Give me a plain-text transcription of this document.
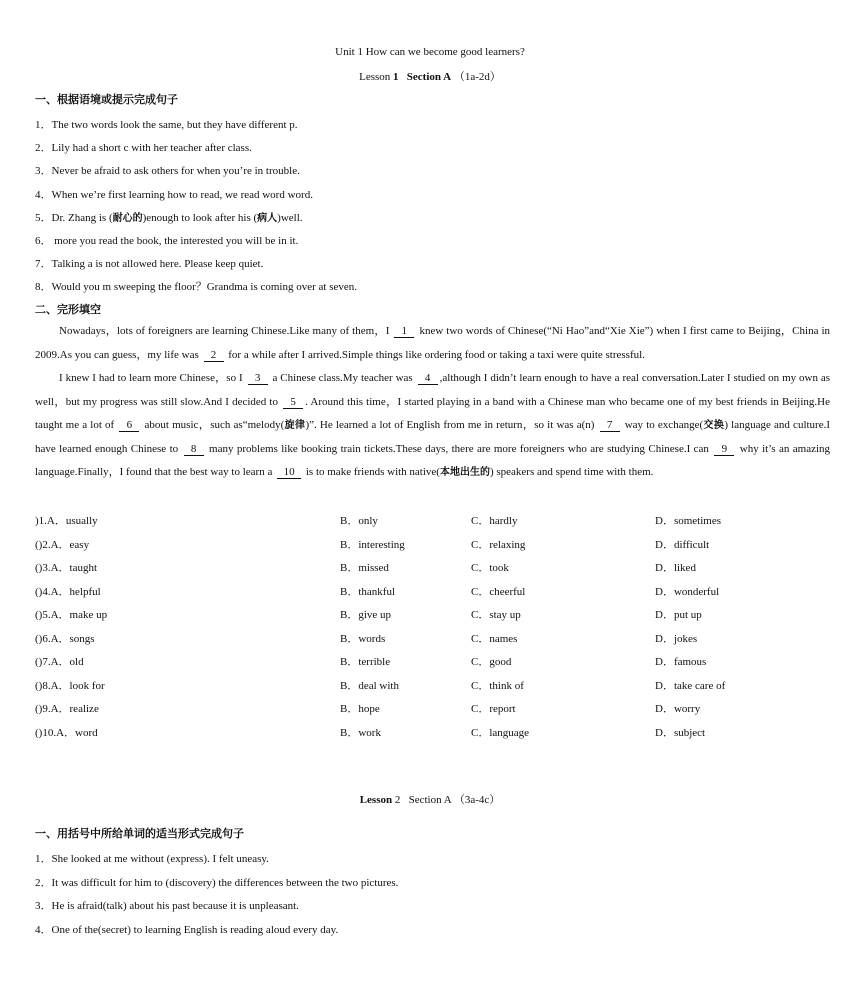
Unit 1 How can we become good learners?
Lesson 1 Section A （1a-2d）
一、根据语境或提示完成句子
1．The two words look the same, but they have different p.
2．Lily had a short c with her teacher after class.
3．Never be afraid to ask others for when you’re in trouble.
4．When we’re first learning how to read, we read word word.
5．Dr. Zhang is (耐心的)enough to look after his (病人)well.
6． more you read the book, the interested you will be in it.
7．Talking a is not allowed here. Please keep quiet.
8．Would you m sweeping the floor？Grandma is coming over at seven.
二、完形填空
Nowadays，lots of foreigners are learning Chinese.Like many of them，I 1 knew two words of Chinese(“Ni Hao”and“Xie Xie”) when I first came to Beijing，China in 2009.As you can guess，my life was 2 for a while after I arrived.Simple things like ordering food or taking a taxi were quite stressful.
I knew I had to learn more Chinese，so I 3 a Chinese class.My teacher was 4 ,although I didn’t learn enough to have a real conversation.Later I studied on my own as well，but my progress was still slow.And I decided to 5 . Around this time，I started playing in a band with a Chinese man who became one of my best friends in Beijing.He taught me a lot of 6 about music，such as“melody(旋律)”. He learned a lot of English from me in return，so it was a(n) 7 way to exchange(交换) language and culture.I have learned enough Chinese to 8 many problems like booking train tickets.These days, there are more foreigners who are studying Chinese.I can 9 why it’s an amazing language.Finally，I found that the best way to learn a 10 is to make friends with native(本地出生的) speakers and spend time with them.
)1.A．usually	B．only	C．hardly	D．sometimes
()2.A．easy	B．interesting	C．relaxing	D．difficult
()3.A．taught	B．missed	C．took	D．liked
()4.A．helpful	B．thankful	C．cheerful	D．wonderful
()5.A．make up	B．give up	C．stay up	D．put up
()6.A．songs	B．words	C．names	D．jokes
()7.A．old	B．terrible	C．good	D．famous
()8.A．look for	B．deal with	C．think of	D．take care of
()9.A．realize	B．hope	C．report	D．worry
()10.A．word	B．work	C．language	D．subject
Lesson 2 Section A （3a-4c）
一、用括号中所给单词的适当形式完成句子
1．She looked at me without (express). I felt uneasy.
2．It was difficult for him to (discovery) the differences between the two pictures.
3．He is afraid(talk) about his past because it is unpleasant.
4．One of the(secret) to learning English is reading aloud every day.
